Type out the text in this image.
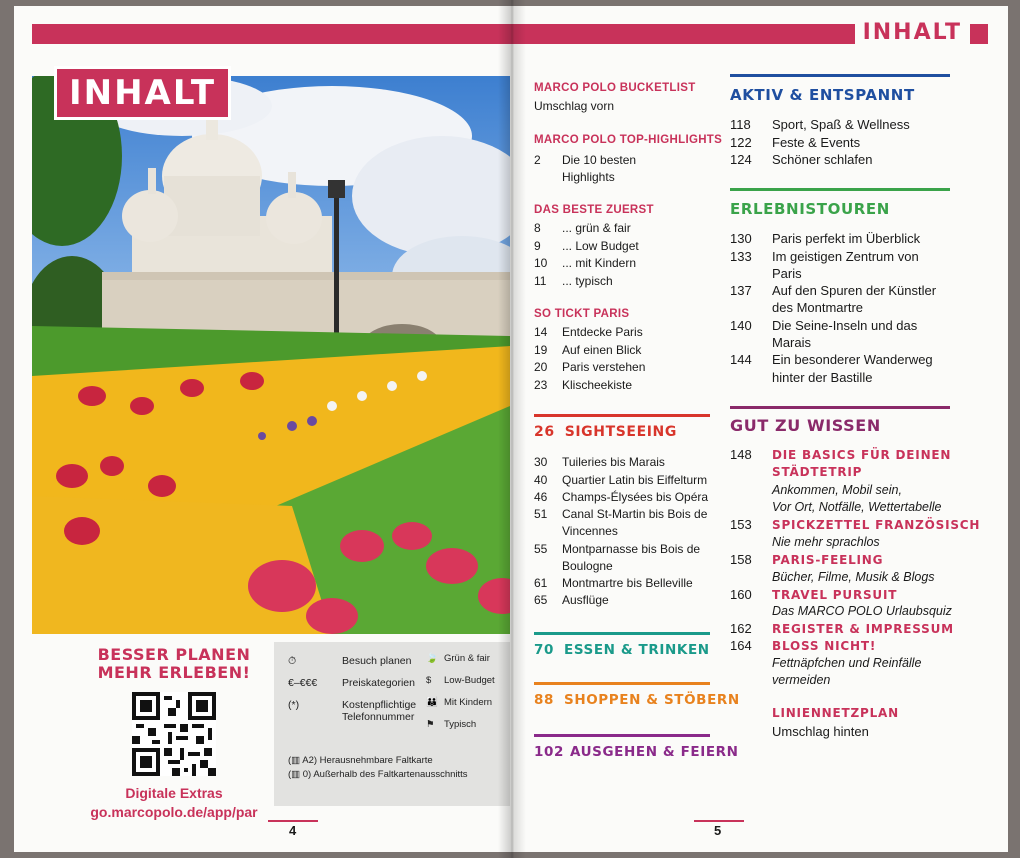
INHALT
BESSER PLANEN
MEHR ERLEBEN!
Digitale Extras
go.marcopolo.de/app/par
⏱	Besuch planen
€–€€€ Preiskategorien
(*)	Kostenpflichtige
Telefonnummer
🍃 Grün & fair
$	Low-Budget
👪 Mit Kindern
⚑ Typisch
(▥ A2) Herausnehmbare Faltkarte
(▥ 0) Außerhalb des Faltkartenausschnitts
4
INHALT
MARCO POLO BUCKETLIST
Umschlag vorn
MARCO POLO TOP-HIGHLIGHTS
2 Die 10 besten
Highlights
DAS BESTE ZUERST
8 ... grün & fair
9 ... Low Budget
10 ... mit Kindern
11 ... typisch
SO TICKT PARIS
14 Entdecke Paris
19 Auf einen Blick
20 Paris verstehen
23 Klischeekiste
26 SIGHTSEEING
30 Tuileries bis Marais
40 Quartier Latin bis Eiffelturm
46 Champs-Élysées bis Opéra
51 Canal St-Martin bis Bois de
Vincennes
55 Montparnasse bis Bois de
Boulogne
61 Montmartre bis Belleville
65 Ausflüge
70 ESSEN & TRINKEN
88 SHOPPEN & STÖBERN
102 AUSGEHEN & FEIERN
AKTIV & ENTSPANNT
118 Sport, Spaß & Wellness
122 Feste & Events
124 Schöner schlafen
ERLEBNISTOUREN
130 Paris perfekt im Überblick
133 Im geistigen Zentrum von
Paris
137 Auf den Spuren der Künstler
des Montmartre
140 Die Seine-Inseln und das
Marais
144 Ein besonderer Wanderweg
hinter der Bastille
GUT ZU WISSEN
148 DIE BASICS FÜR DEINEN
STÄDTETRIP
Ankommen, Mobil sein,
Vor Ort, Notfälle, Wettertabelle
153 SPICKZETTEL FRANZÖSISCH
Nie mehr sprachlos
158 PARIS-FEELING
Bücher, Filme, Musik & Blogs
160 TRAVEL PURSUIT
Das MARCO POLO Urlaubsquiz
162 REGISTER & IMPRESSUM
164 BLOSS NICHT!
Fettnäpfchen und Reinfälle
vermeiden
LINIENNETZPLAN
Umschlag hinten
5
